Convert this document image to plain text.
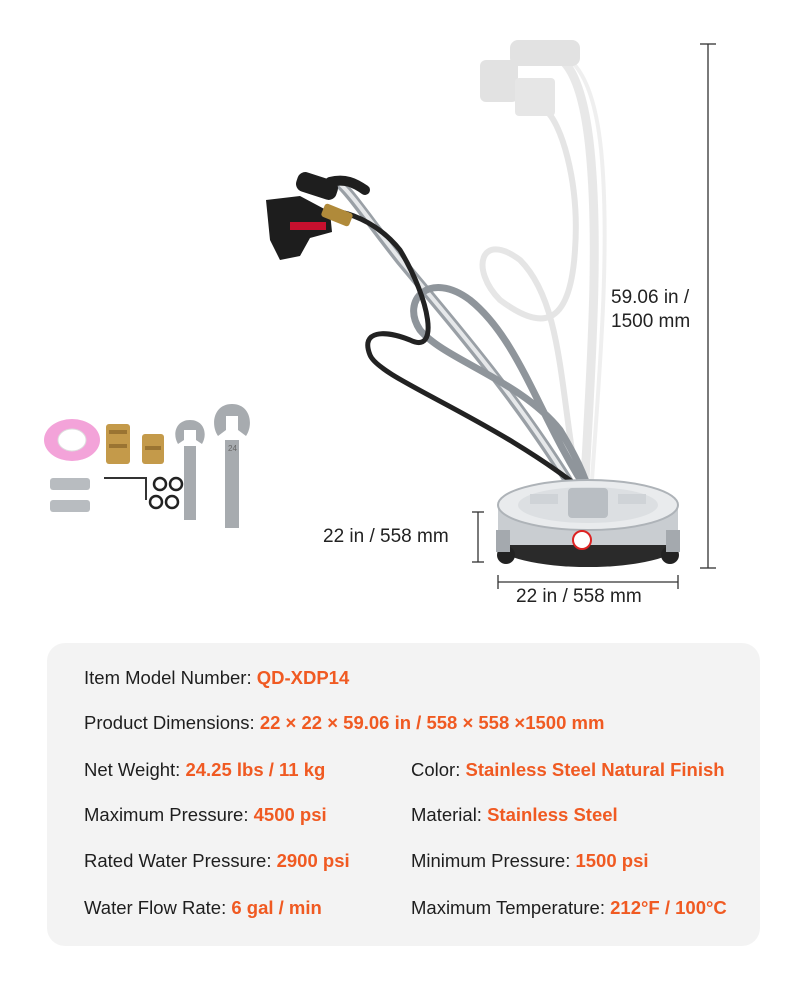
59.06 in /
1500 mm
22 in / 558 mm
22 in / 558 mm
24
Item Model Number: QD-XDP14
Product Dimensions: 22 × 22 × 59.06 in / 558 × 558 ×1500 mm
Net Weight: 24.25 lbs / 11 kg	Color: Stainless Steel Natural Finish
Maximum Pressure: 4500 psi	Material: Stainless Steel
Rated Water Pressure: 2900 psi	Minimum Pressure: 1500 psi
Water Flow Rate: 6 gal / min	Maximum Temperature: 212°F / 100°C
